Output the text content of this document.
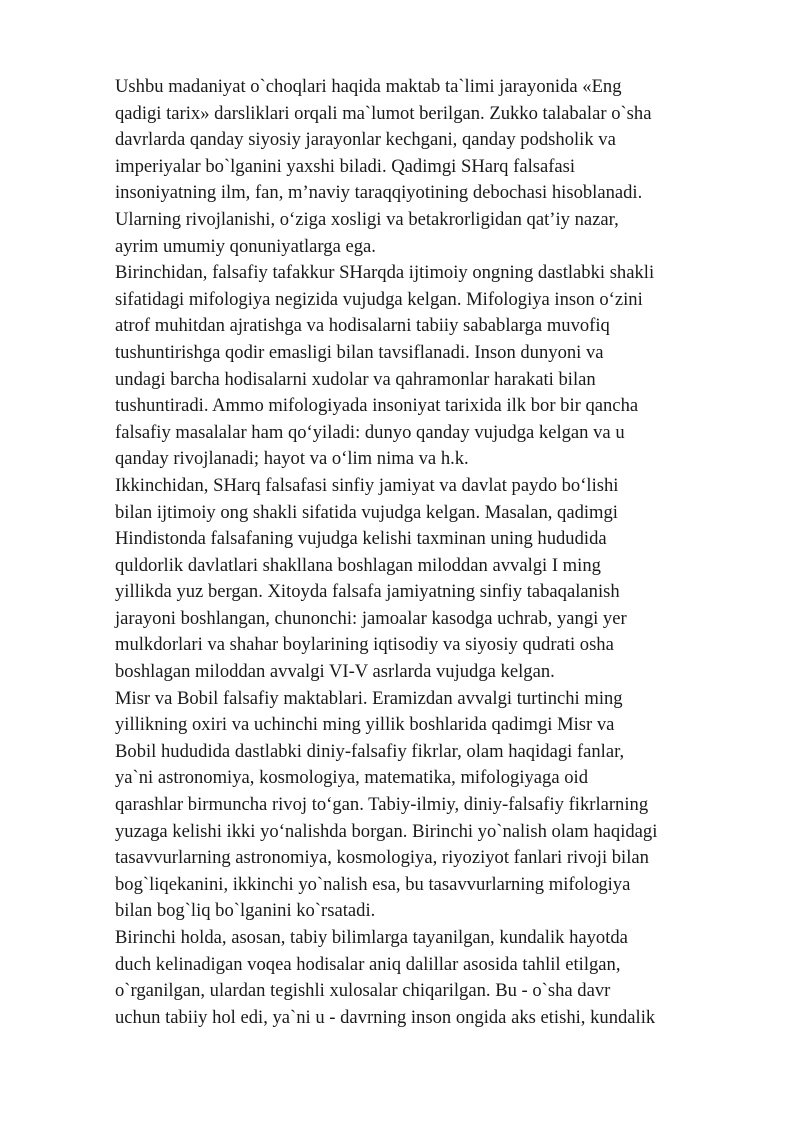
Ushbu madaniyat o`choqlari haqida maktab ta`limi jarayonida «Eng
qadigi tarix» darsliklari orqali ma`lumot berilgan. Zukko talabalar o`sha
davrlarda qanday siyosiy jarayonlar kechgani, qanday podsholik va
imperiyalar bo`lganini yaxshi biladi. Qadimgi SHarq falsafasi
insoniyatning ilm, fan, m’naviy taraqqiyotining debochasi hisoblanadi.
Ularning rivojlanishi, o‘ziga xosligi va betakrorligidan qat’iy nazar,
ayrim umumiy qonuniyatlarga ega.
Birinchidan, falsafiy tafakkur SHarqda ijtimoiy ongning dastlabki shakli
sifatidagi mifologiya negizida vujudga kelgan. Mifologiya inson o‘zini
atrof muhitdan ajratishga va hodisalarni tabiiy sabablarga muvofiq
tushuntirishga qodir emasligi bilan tavsiflanadi. Inson dunyoni va
undagi barcha hodisalarni xudolar va qahramonlar harakati bilan
tushuntiradi. Ammo mifologiyada insoniyat tarixida ilk bor bir qancha
falsafiy masalalar ham qo‘yiladi: dunyo qanday vujudga kelgan va u
qanday rivojlanadi; hayot va o‘lim nima va h.k.
Ikkinchidan, SHarq falsafasi sinfiy jamiyat va davlat paydo bo‘lishi
bilan ijtimoiy ong shakli sifatida vujudga kelgan. Masalan, qadimgi
Hindistonda falsafaning vujudga kelishi taxminan uning hududida
quldorlik davlatlari shakllana boshlagan miloddan avvalgi I ming
yillikda yuz bergan. Xitoyda falsafa jamiyatning sinfiy tabaqalanish
jarayoni boshlangan, chunonchi: jamoalar kasodga uchrab, yangi yer
mulkdorlari va shahar boylarining iqtisodiy va siyosiy qudrati osha
boshlagan miloddan avvalgi VI-V asrlarda vujudga kelgan.
Misr va Bobil falsafiy maktablari. Eramizdan avvalgi turtinchi ming
yillikning oxiri va uchinchi ming yillik boshlarida qadimgi Misr va
Bobil hududida dastlabki diniy-falsafiy fikrlar, olam haqidagi fanlar,
ya`ni astronomiya, kosmologiya, matematika, mifologiyaga oid
qarashlar birmuncha rivoj to‘gan. Tabiy-ilmiy, diniy-falsafiy fikrlarning
yuzaga kelishi ikki yo‘nalishda borgan. Birinchi yo`nalish olam haqidagi
tasavvurlarning astronomiya, kosmologiya, riyoziyot fanlari rivoji bilan
bog`liqekanini, ikkinchi yo`nalish esa, bu tasavvurlarning mifologiya
bilan bog`liq bo`lganini ko`rsatadi.
Birinchi holda, asosan, tabiy bilimlarga tayanilgan, kundalik hayotda
duch kelinadigan voqea hodisalar aniq dalillar asosida tahlil etilgan,
o`rganilgan, ulardan tegishli xulosalar chiqarilgan. Bu - o`sha davr
uchun tabiiy hol edi, ya`ni u - davrning inson ongida aks etishi, kundalik
